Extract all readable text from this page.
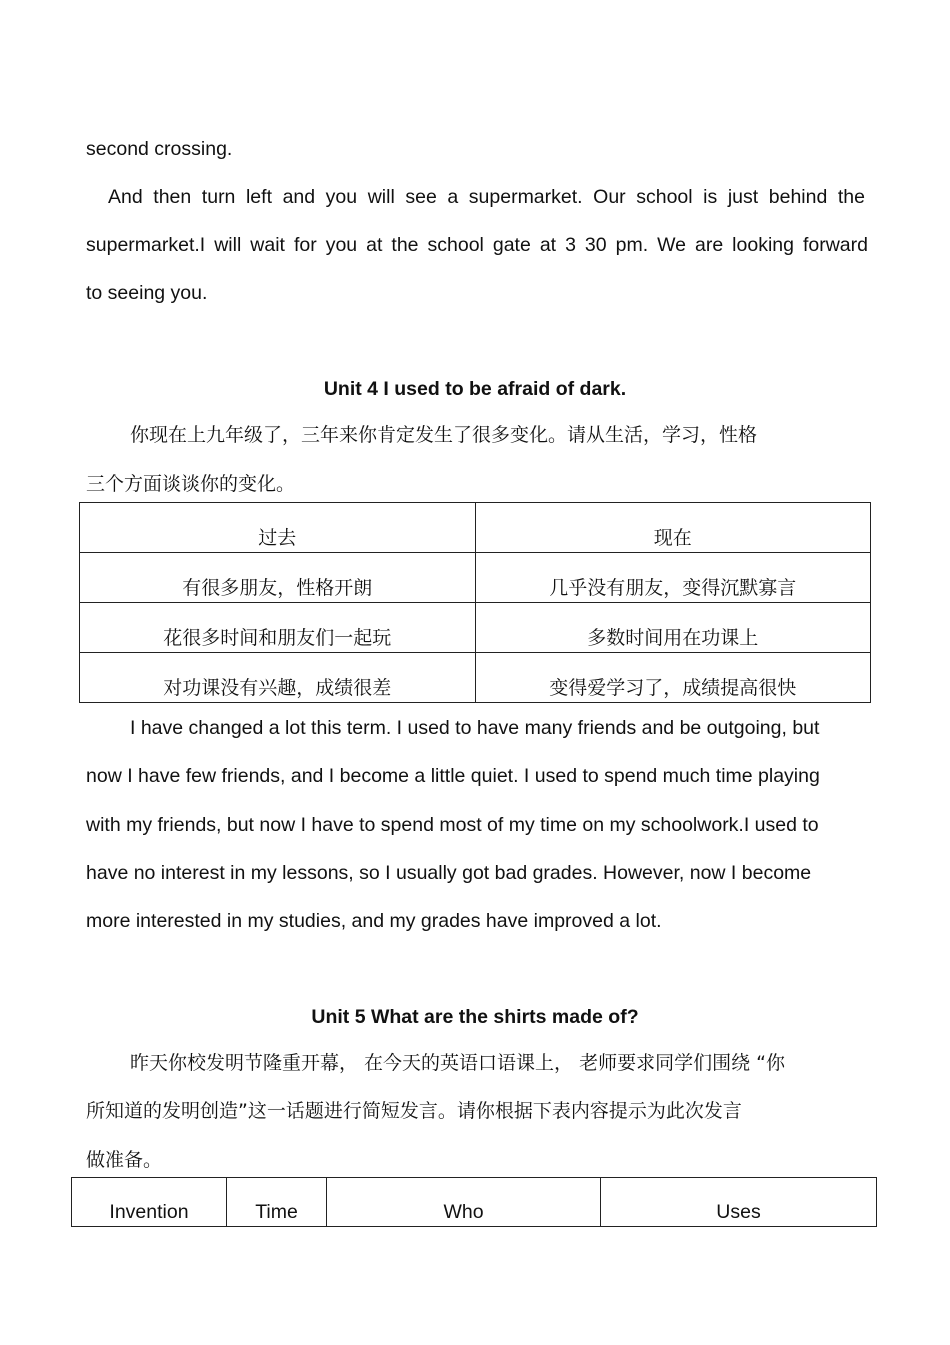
second crossing.
And then turn left and you will see a supermarket. Our school is just behind the
supermarket.I will wait for you at the school gate at 3 30 pm. We are looking forward
to seeing you.
Unit 4 I used to be afraid of dark.
你现在上九年级了，三年来你肯定发生了很多变化。请从生活，学习，性格
三个方面谈谈你的变化。
过去	现在
有很多朋友，性格开朗	几乎没有朋友，变得沉默寡言
花很多时间和朋友们一起玩	多数时间用在功课上
对功课没有兴趣，成绩很差	变得爱学习了，成绩提高很快
I have changed a lot this term. I used to have many friends and be outgoing, but
now I have few friends, and I become a little quiet. I used to spend much time playing
with my friends, but now I have to spend most of my time on my schoolwork.I used to
have no interest in my lessons, so I usually got bad grades. However, now I become
more interested in my studies, and my grades have improved a lot.
Unit 5 What are the shirts made of?
昨天你校发明节隆重开幕， 在今天的英语口语课上， 老师要求同学们围绕 “你
所知道的发明创造”这一话题进行简短发言。请你根据下表内容提示为此次发言
做准备。
Invention	Time	Who	Uses
